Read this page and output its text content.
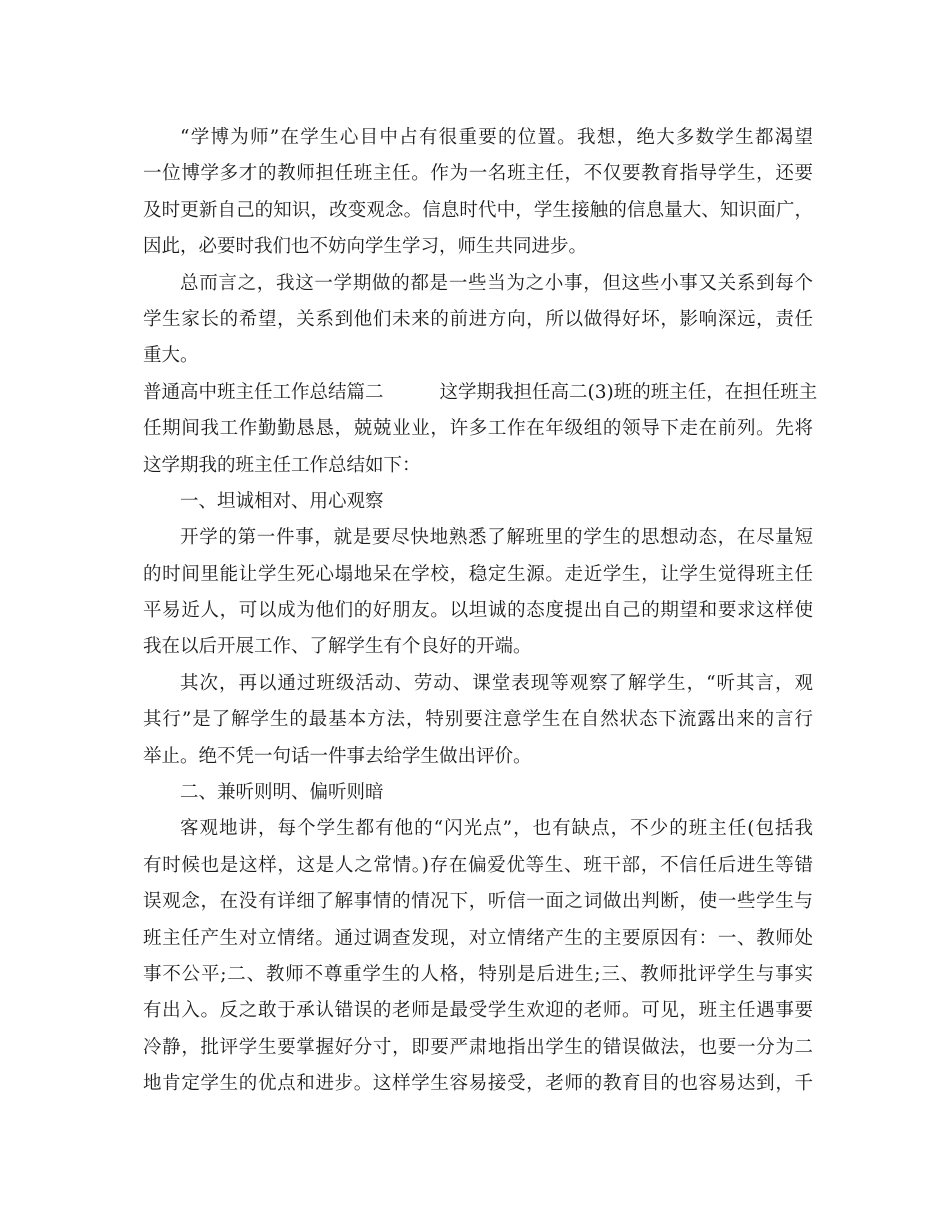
“学博为师”在学生心目中占有很重要的位置。我想，绝大多数学生都渴望
一位博学多才的教师担任班主任。作为一名班主任，不仅要教育指导学生，还要
及时更新自己的知识，改变观念。信息时代中，学生接触的信息量大、知识面广，
因此，必要时我们也不妨向学生学习，师生共同进步。
总而言之，我这一学期做的都是一些当为之小事，但这些小事又关系到每个
学生家长的希望，关系到他们未来的前进方向，所以做得好坏，影响深远，责任
重大。
普通高中班主任工作总结篇二	这学期我担任高二(3)班的班主任，在担任班主
任期间我工作勤勤恳恳，兢兢业业，许多工作在年级组的领导下走在前列。先将
这学期我的班主任工作总结如下：
一、坦诚相对、用心观察
开学的第一件事，就是要尽快地熟悉了解班里的学生的思想动态，在尽量短
的时间里能让学生死心塌地呆在学校，稳定生源。走近学生，让学生觉得班主任
平易近人，可以成为他们的好朋友。以坦诚的态度提出自己的期望和要求这样使
我在以后开展工作、了解学生有个良好的开端。
其次，再以通过班级活动、劳动、课堂表现等观察了解学生，“听其言，观
其行”是了解学生的最基本方法，特别要注意学生在自然状态下流露出来的言行
举止。绝不凭一句话一件事去给学生做出评价。
二、兼听则明、偏听则暗
客观地讲，每个学生都有他的“闪光点”，也有缺点，不少的班主任(包括我
有时候也是这样，这是人之常情。)存在偏爱优等生、班干部，不信任后进生等错
误观念，在没有详细了解事情的情况下，听信一面之词做出判断，使一些学生与
班主任产生对立情绪。通过调查发现，对立情绪产生的主要原因有：一、教师处
事不公平;二、教师不尊重学生的人格，特别是后进生;三、教师批评学生与事实
有出入。反之敢于承认错误的老师是最受学生欢迎的老师。可见，班主任遇事要
冷静，批评学生要掌握好分寸，即要严肃地指出学生的错误做法，也要一分为二
地肯定学生的优点和进步。这样学生容易接受，老师的教育目的也容易达到，千
